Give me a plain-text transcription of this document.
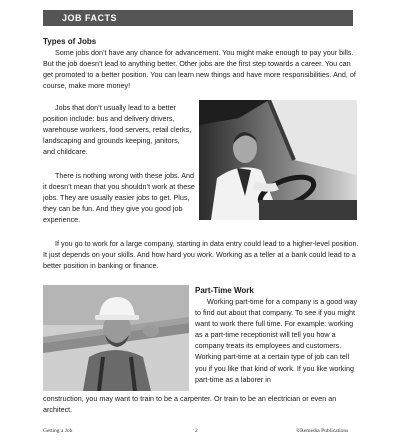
JOB FACTS
Types of Jobs

Some jobs don’t have any chance for advancement. You might make enough to pay your bills. But the job doesn’t lead to anything better. Other jobs are the first step towards a career. You can get promoted to a better position. You can learn new things and have more responsibilities. And, of course, make more money!

Jobs that don’t usually lead to a better position include: bus and delivery drivers, warehouse workers, food servers, retail clerks, landscaping and grounds keeping, janitors, and childcare.

There is nothing wrong with these jobs. And it doesn’t mean that you shouldn’t work at these jobs. They are usually easier jobs to get. Plus, they can be fun. And they give you good job experience.

If you go to work for a large company, starting in data entry could lead to a higher-level position. It just depends on your skills. And how hard you work. Working as a teller at a bank could lead to a better position in banking or finance.

Part-Time Work

Working part-time for a company is a good way to find out about that company. To see if you might want to work there full time. For example: working as a part-time receptionist will tell you how a company treats its employees and customers. Working part-time at a certain type of job can tell you if you like that kind of work. If you like working part-time as a laborer in

construction, you may want to train to be a carpenter. Or train to be an electrician or even an architect.

Getting a Job	2	©Remedia Publications
